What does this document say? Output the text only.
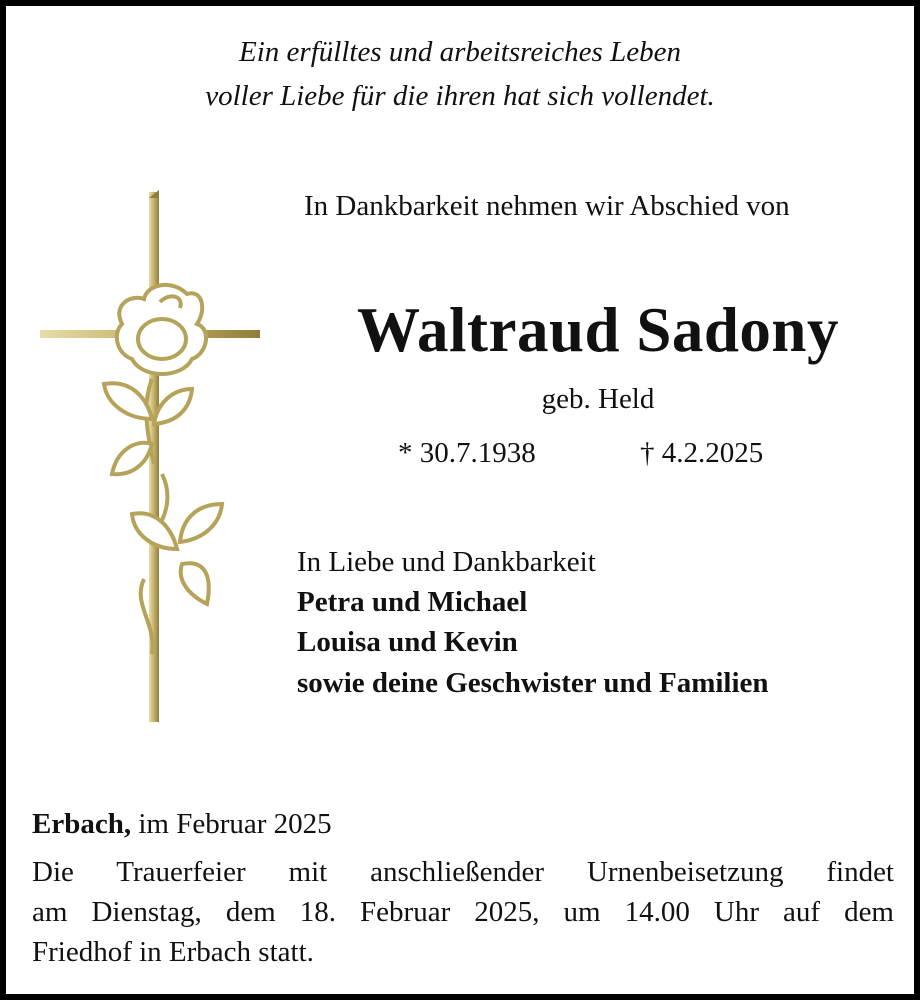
Ein erfülltes und arbeitsreiches Leben
voller Liebe für die ihren hat sich vollendet.
In Dankbarkeit nehmen wir Abschied von
Waltraud Sadony
geb. Held
* 30.7.1938	† 4.2.2025
In Liebe und Dankbarkeit
Petra und Michael
Louisa und Kevin
sowie deine Geschwister und Familien
Erbach, im Februar 2025
Die Trauerfeier mit anschließender Urnenbeisetzung findet
am Dienstag, dem 18. Februar 2025, um 14.00 Uhr auf dem
Friedhof in Erbach statt.
